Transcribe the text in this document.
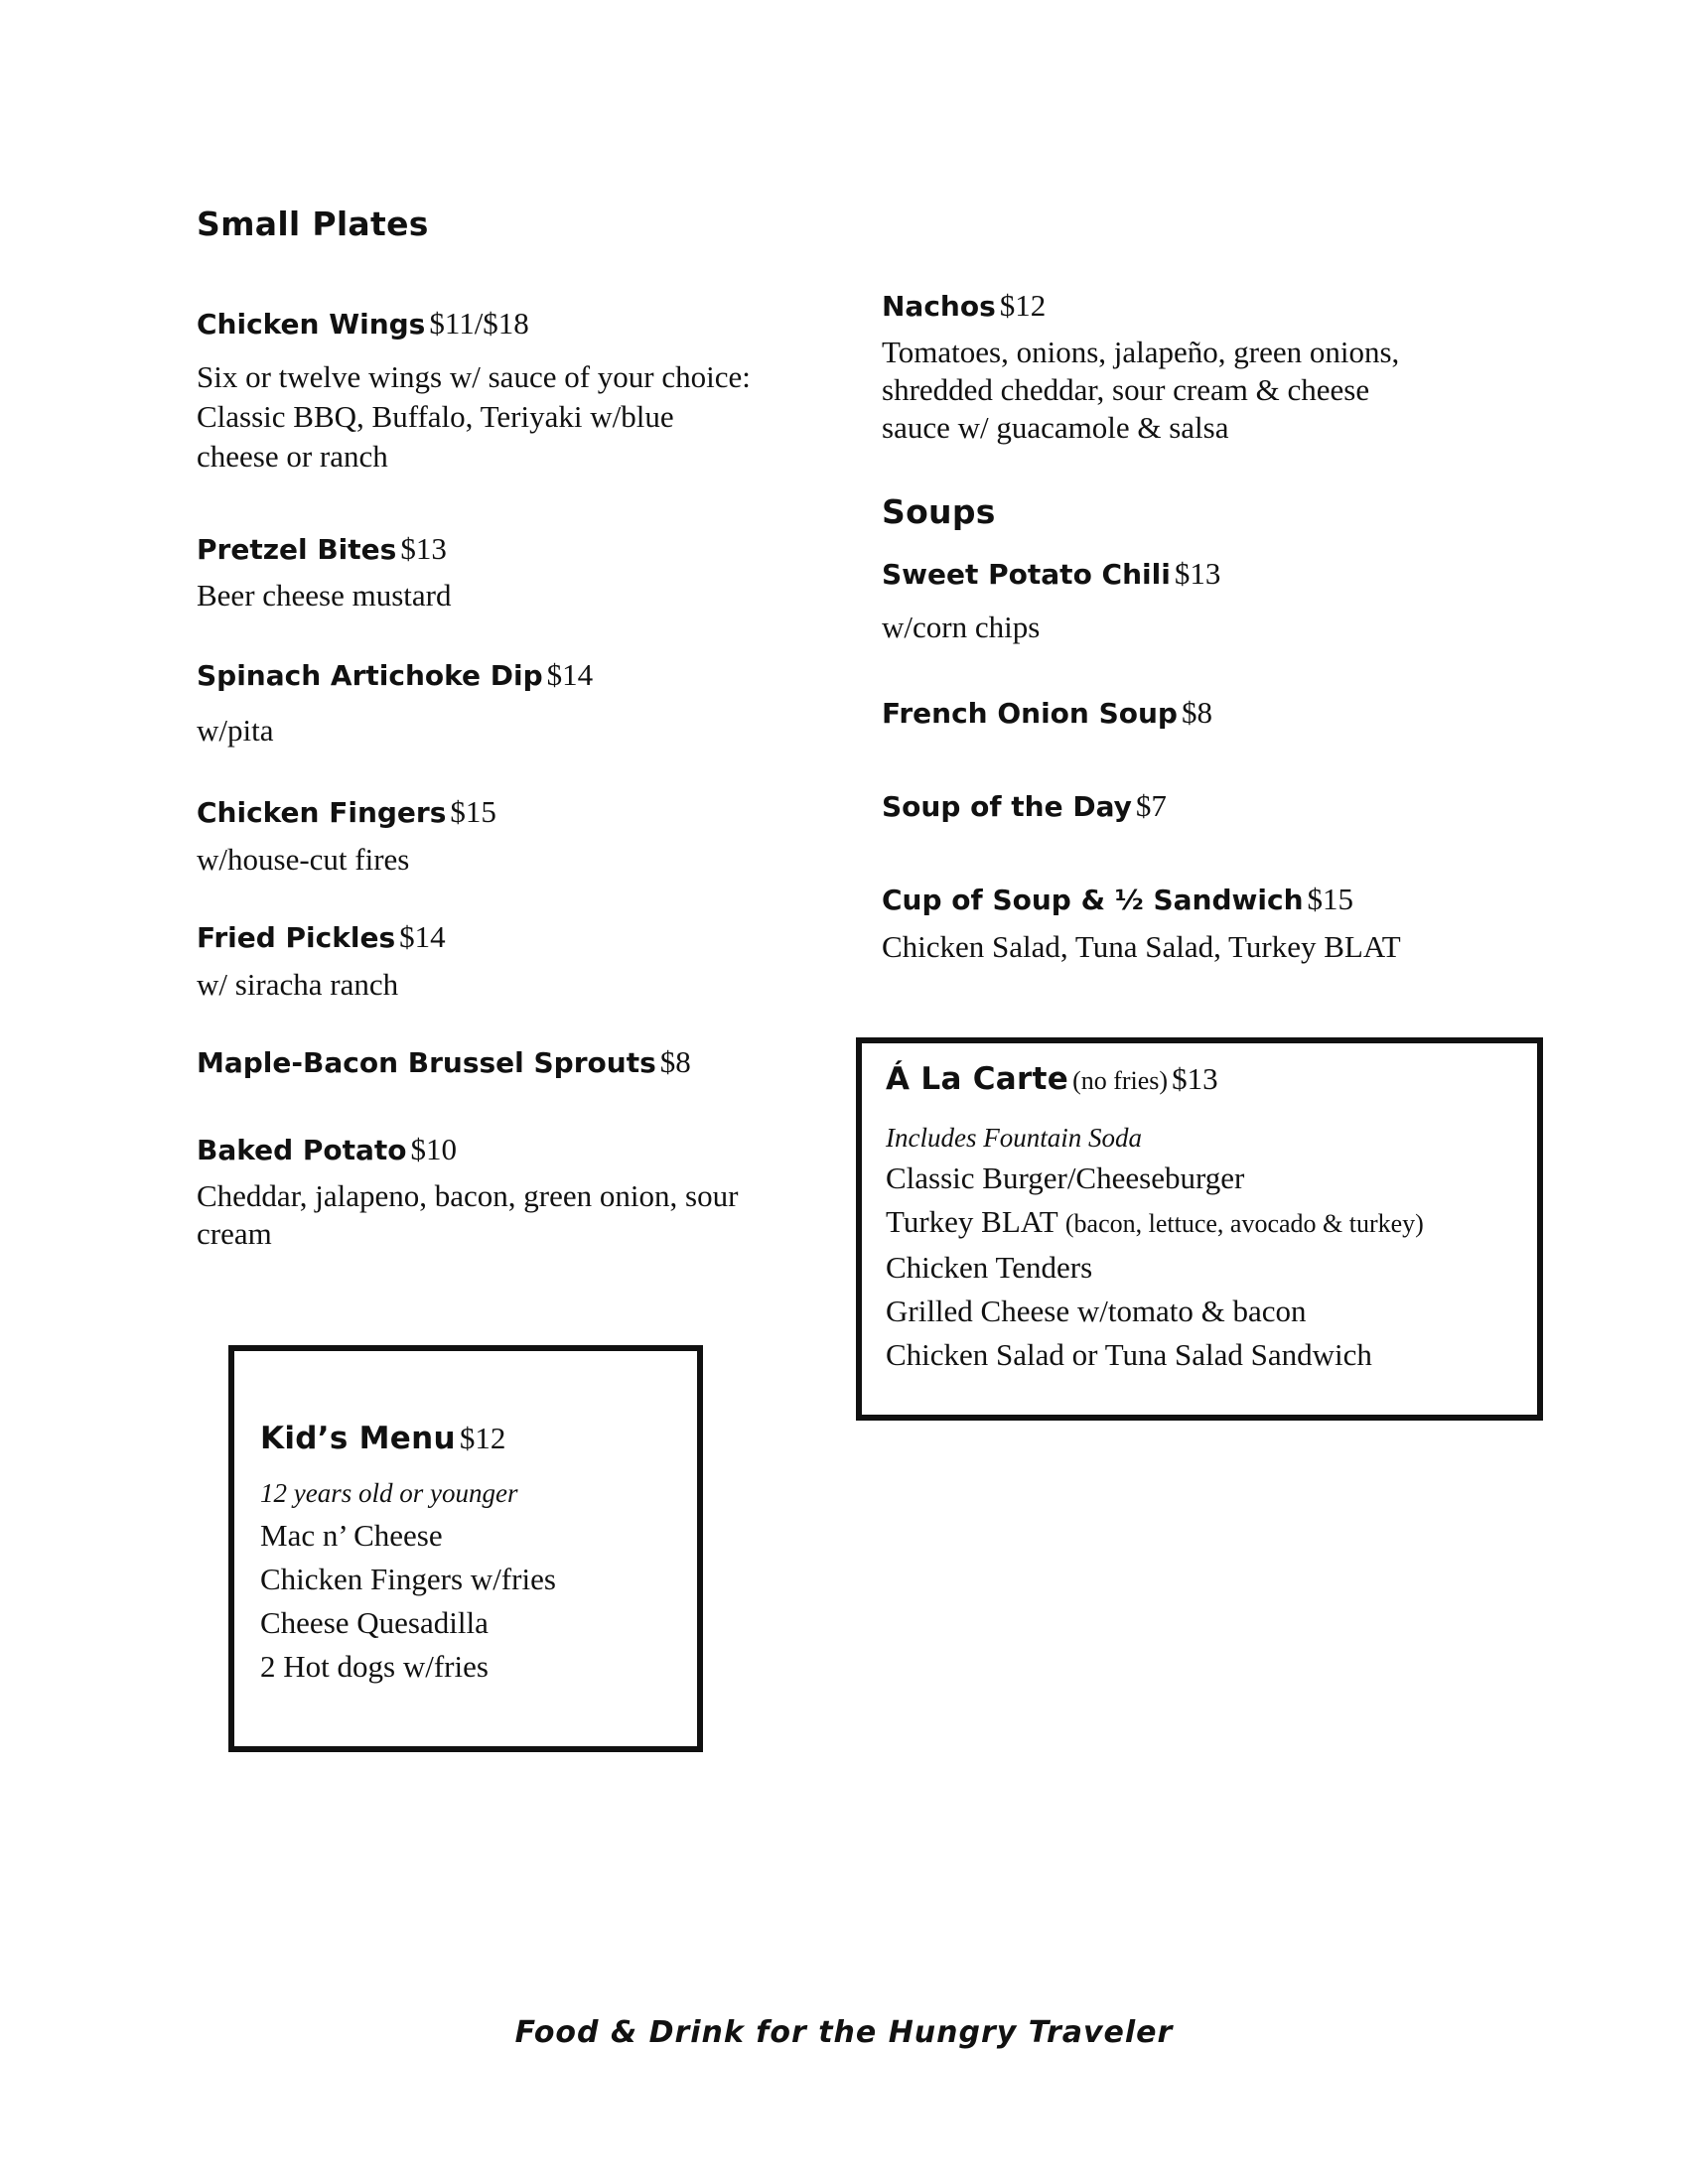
Small Plates
Chicken Wings $11/$18
Six or twelve wings w/ sauce of your choice:
Classic BBQ, Buffalo, Teriyaki w/blue
cheese or ranch
Pretzel Bites $13
Beer cheese mustard
Spinach Artichoke Dip $14
w/pita
Chicken Fingers $15
w/house-cut fires
Fried Pickles $14
w/ siracha ranch
Maple-Bacon Brussel Sprouts $8
Baked Potato $10
Cheddar, jalapeno, bacon, green onion, sour
cream
Kid’s Menu $12
12 years old or younger
Mac n’ Cheese
Chicken Fingers w/fries
Cheese Quesadilla
2 Hot dogs w/fries
Nachos $12
Tomatoes, onions, jalapeño, green onions,
shredded cheddar, sour cream & cheese
sauce w/ guacamole & salsa
Soups
Sweet Potato Chili $13
w/corn chips
French Onion Soup $8
Soup of the Day $7
Cup of Soup & ½ Sandwich $15
Chicken Salad, Tuna Salad, Turkey BLAT
Á La Carte (no fries) $13
Includes Fountain Soda
Classic Burger/Cheeseburger
Turkey BLAT (bacon, lettuce, avocado & turkey)
Chicken Tenders
Grilled Cheese w/tomato & bacon
Chicken Salad or Tuna Salad Sandwich
Food & Drink for the Hungry Traveler
